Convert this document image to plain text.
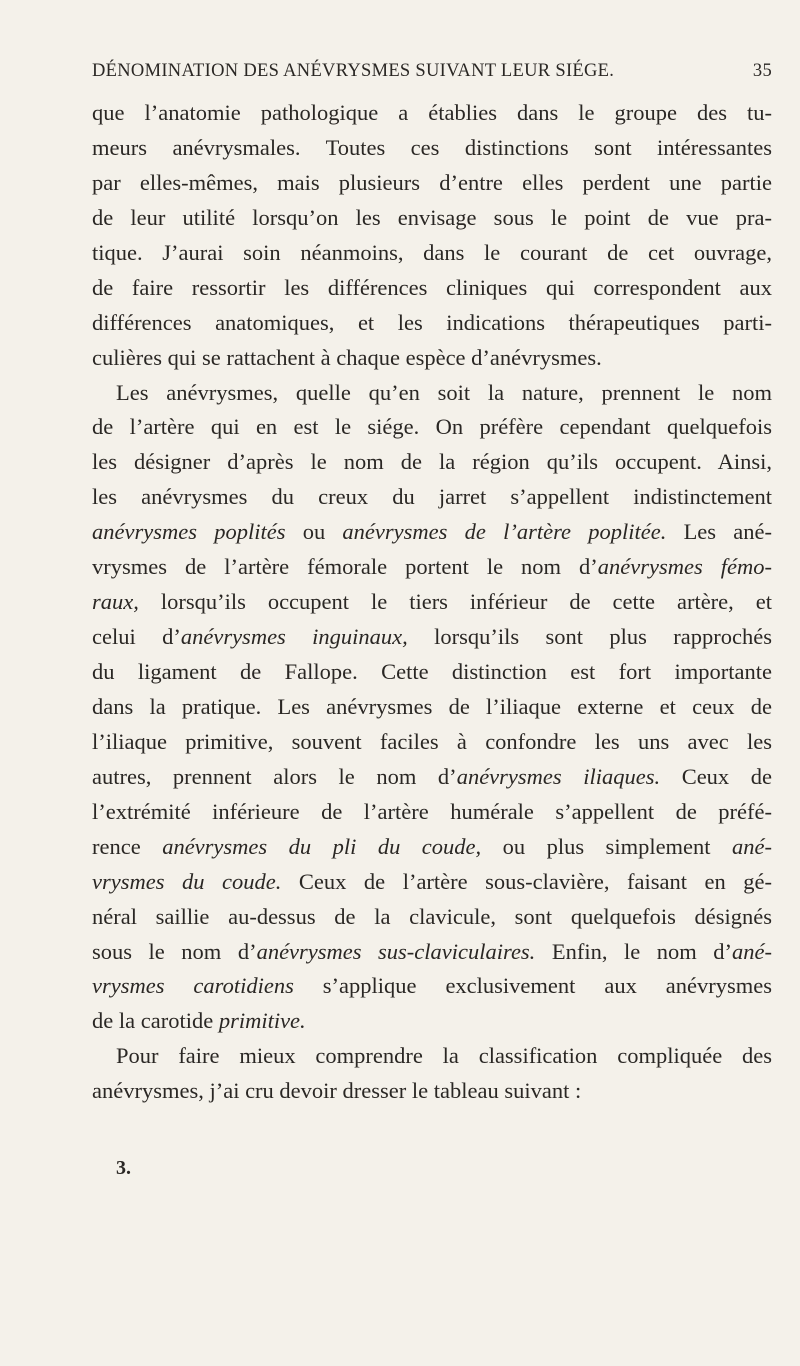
DÉNOMINATION DES ANÉVRYSMES SUIVANT LEUR SIÉGE.	35
que l’anatomie pathologique a établies dans le groupe des tu-
meurs anévrysmales. Toutes ces distinctions sont intéressantes
par elles-mêmes, mais plusieurs d’entre elles perdent une partie
de leur utilité lorsqu’on les envisage sous le point de vue pra-
tique. J’aurai soin néanmoins, dans le courant de cet ouvrage,
de faire ressortir les différences cliniques qui correspondent aux
différences anatomiques, et les indications thérapeutiques parti-
culières qui se rattachent à chaque espèce d’anévrysmes.
Les anévrysmes, quelle qu’en soit la nature, prennent le nom
de l’artère qui en est le siége. On préfère cependant quelquefois
les désigner d’après le nom de la région qu’ils occupent. Ainsi,
les anévrysmes du creux du jarret s’appellent indistinctement
anévrysmes poplités ou anévrysmes de l’artère poplitée. Les ané-
vrysmes de l’artère fémorale portent le nom d’anévrysmes fémo-
raux, lorsqu’ils occupent le tiers inférieur de cette artère, et
celui d’anévrysmes inguinaux, lorsqu’ils sont plus rapprochés
du ligament de Fallope. Cette distinction est fort importante
dans la pratique. Les anévrysmes de l’iliaque externe et ceux de
l’iliaque primitive, souvent faciles à confondre les uns avec les
autres, prennent alors le nom d’anévrysmes iliaques. Ceux de
l’extrémité inférieure de l’artère humérale s’appellent de préfé-
rence anévrysmes du pli du coude, ou plus simplement ané-
vrysmes du coude. Ceux de l’artère sous-clavière, faisant en gé-
néral saillie au-dessus de la clavicule, sont quelquefois désignés
sous le nom d’anévrysmes sus-claviculaires. Enfin, le nom d’ané-
vrysmes carotidiens s’applique exclusivement aux anévrysmes
de la carotide primitive.
Pour faire mieux comprendre la classification compliquée des
anévrysmes, j’ai cru devoir dresser le tableau suivant :
3.
